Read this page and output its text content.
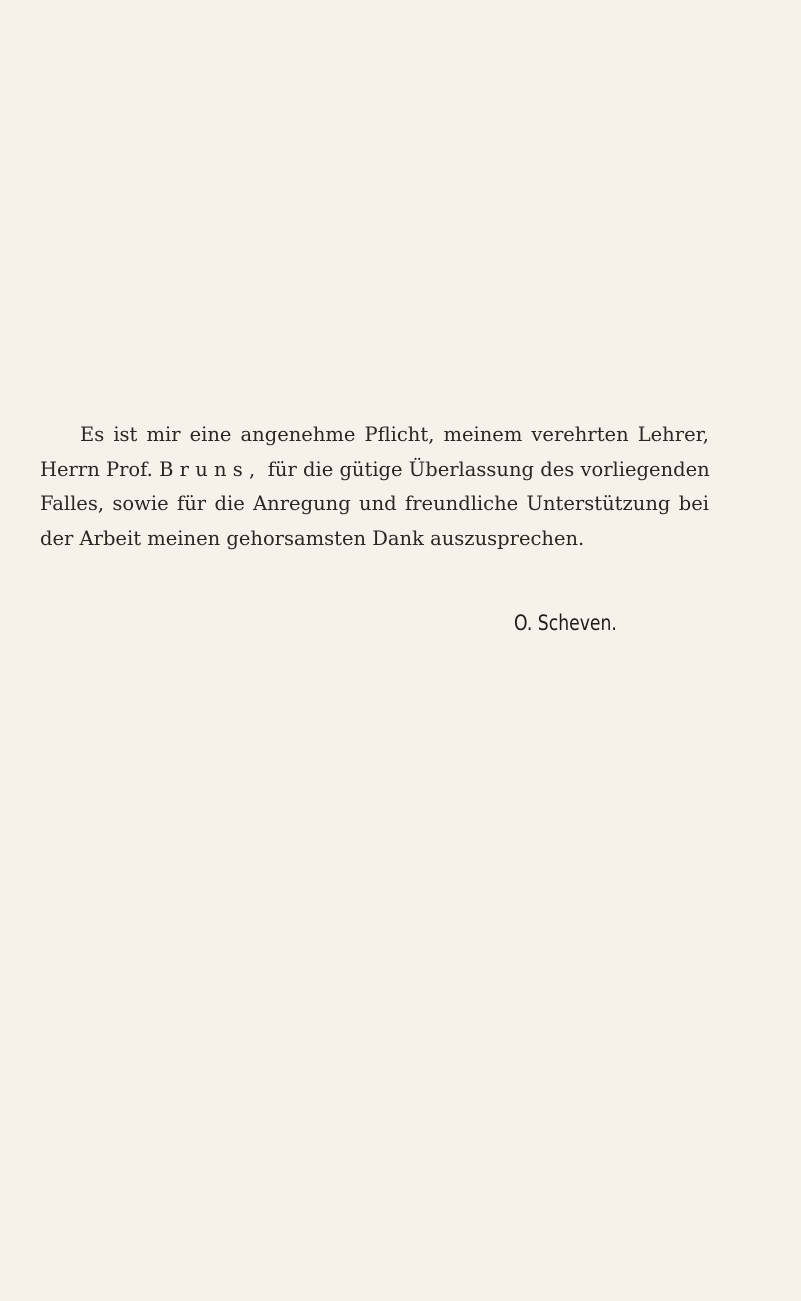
Es ist mir eine angenehme Pflicht, meinem verehrten Lehrer,
Herrn Prof. Bruns, für die gütige Überlassung des vorliegenden
Falles, sowie für die Anregung und freundliche Unterstützung bei
der Arbeit meinen gehorsamsten Dank auszusprechen.
O. Scheven.
